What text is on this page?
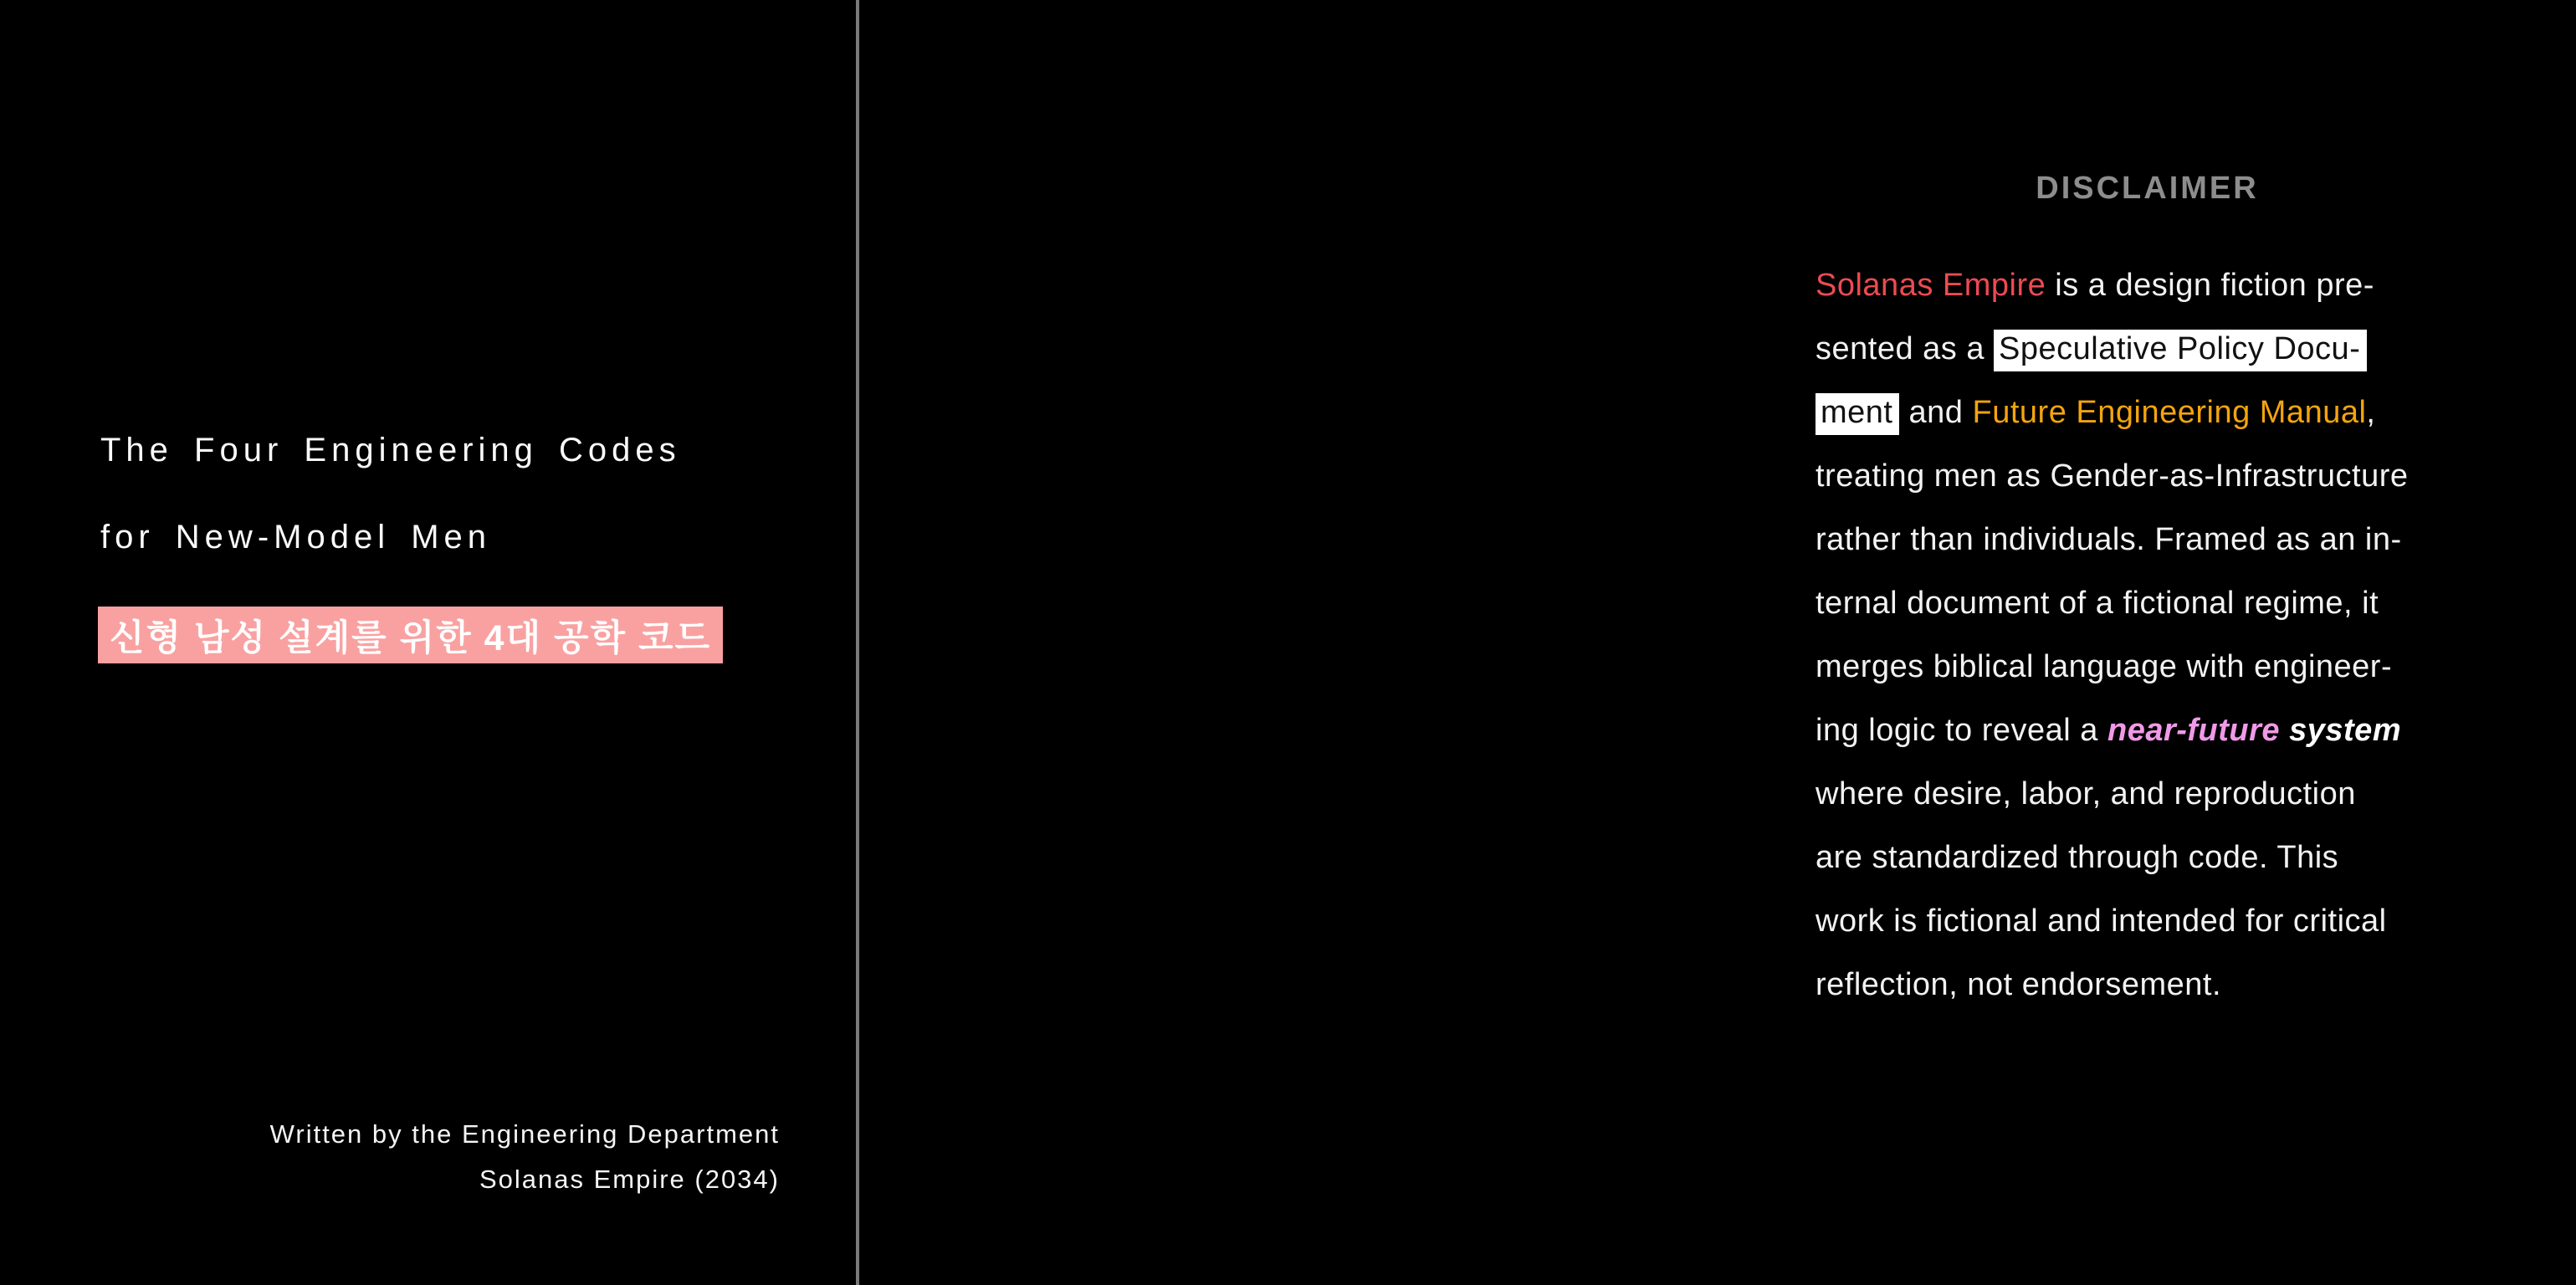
The Four Engineering Codes
for New-Model Men
신형 남성 설계를 위한 4대 공학 코드
Written by the Engineering Department
Solanas Empire (2034)
DISCLAIMER
Solanas Empire is a design fiction pre-
sented as a Speculative Policy Docu-
ment and Future Engineering Manual,
treating men as Gender-as-Infrastructure
rather than individuals. Framed as an in-
ternal document of a fictional regime, it
merges biblical language with engineer-
ing logic to reveal a near-future system
where desire, labor, and reproduction
are standardized through code. This
work is fictional and intended for critical
reflection, not endorsement.
